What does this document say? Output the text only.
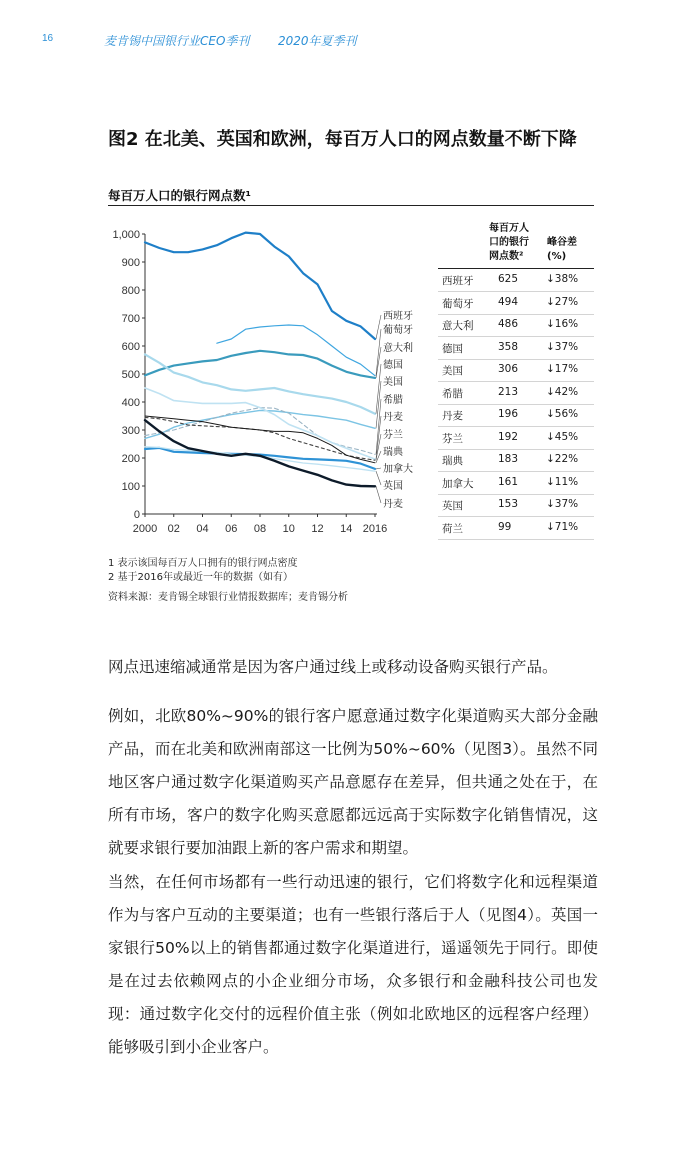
16	麦肯锡中国银行业CEO季刊 2020年夏季刊
图2 在北美、英国和欧洲，每百万人口的网点数量不断下降
每百万人口的银行网点数¹
0
100
200
300
400
500
600
700
800
900
1,000
2000 02 04 06 08 10 12 14 2016
西班牙
葡萄牙
意大利
德国
美国
希腊
丹麦
芬兰
瑞典
加拿大
英国
丹麦
每百万人
口的银行
网点数²
峰谷差
(%)
西班牙 625	↓38%
葡萄牙 494	↓27%
意大利 486	↓16%
德国	358	↓37%
美国	306	↓17%
希腊	213	↓42%
丹麦	196	↓56%
芬兰	192	↓45%
瑞典	183	↓22%
加拿大 161	↓11%
英国	153	↓37%
荷兰	99	↓71%
1 表示该国每百万人口拥有的银行网点密度
2 基于2016年或最近一年的数据（如有）
资料来源：麦肯锡全球银行业情报数据库；麦肯锡分析
网点迅速缩减通常是因为客户通过线上或移动设备购买银行产品。
例如，北欧80%~90%的银行客户愿意通过数字化渠道购买大部分金融产品，而在北美和欧洲南部这一比例为50%~60%（见图3）。虽然不同地区客户通过数字化渠道购买产品意愿存在差异，但共通之处在于，在所有市场，客户的数字化购买意愿都远远高于实际数字化销售情况，这就要求银行要加油跟上新的客户需求和期望。
当然，在任何市场都有一些行动迅速的银行，它们将数字化和远程渠道作为与客户互动的主要渠道；也有一些银行落后于人（见图4）。英国一家银行50%以上的销售都通过数字化渠道进行，遥遥领先于同行。即使是在过去依赖网点的小企业细分市场，众多银行和金融科技公司也发现：通过数字化交付的远程价值主张（例如北欧地区的远程客户经理）能够吸引到小企业客户。
